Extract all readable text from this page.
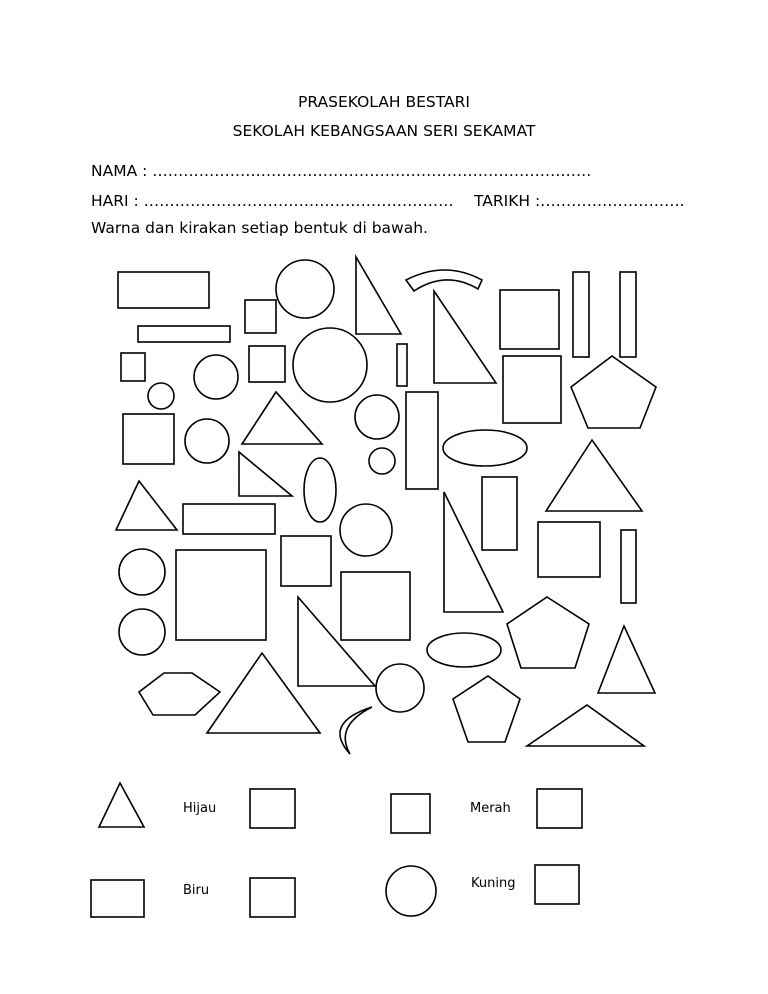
PRASEKOLAH BESTARI
SEKOLAH KEBANGSAAN SERI SEKAMAT
NAMA : ………………………………………………………………………….
HARI : …………………………………………………… TARIKH :……………………….
Warna dan kirakan setiap bentuk di bawah.
Hijau	Merah
Biru	Kuning
